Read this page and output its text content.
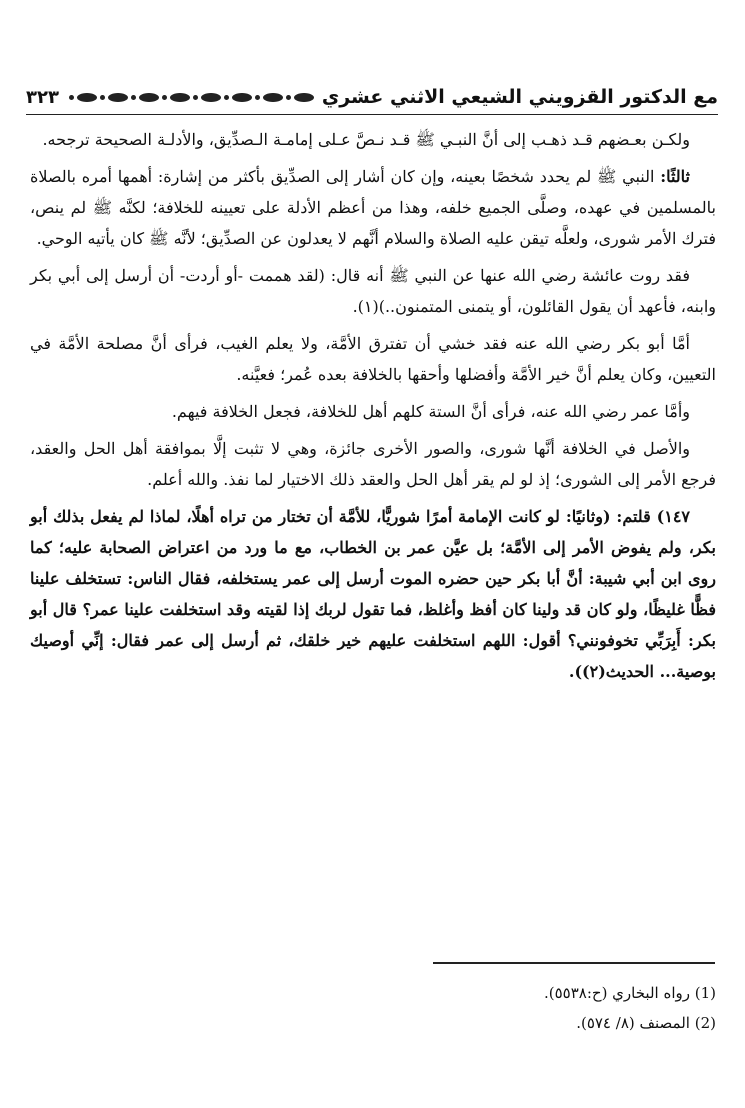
مع الدكتور القزويني الشيعي الاثني عشري
٣٢٣

ولكـن بعـضهم قـد ذهـب إلى أنَّ النبـي ﷺ قـد نـصَّ عـلى إمامـة الـصدِّيق، والأدلـة الصحيحة ترجحه.

ثالثًا: النبي ﷺ لم يحدد شخصًا بعينه، وإن كان أشار إلى الصدِّيق بأكثر من إشارة: أهمها أمره بالصلاة بالمسلمين في عهده، وصلَّى الجميع خلفه، وهذا من أعظم الأدلة على تعيينه للخلافة؛ لكنَّه ﷺ لم ينص، فترك الأمر شورى، ولعلَّه تيقن عليه الصلاة والسلام أنَّهم لا يعدلون عن الصدِّيق؛ لأنَّه ﷺ كان يأتيه الوحي.

فقد روت عائشة رضي الله عنها عن النبي ﷺ أنه قال: (لقد هممت -أو أردت- أن أرسل إلى أبي بكر وابنه، فأعهد أن يقول القائلون، أو يتمنى المتمنون..)(١).

أمَّا أبو بكر رضي الله عنه فقد خشي أن تفترق الأمَّة، ولا يعلم الغيب، فرأى أنَّ مصلحة الأمَّة في التعيين، وكان يعلم أنَّ خير الأمَّة وأفضلها وأحقها بالخلافة بعده عُمر؛ فعيَّنه.

وأمَّا عمر رضي الله عنه، فرأى أنَّ الستة كلهم أهل للخلافة، فجعل الخلافة فيهم.

والأصل في الخلافة أنَّها شورى، والصور الأخرى جائزة، وهي لا تثبت إلَّا بموافقة أهل الحل والعقد، فرجع الأمر إلى الشورى؛ إذ لو لم يقر أهل الحل والعقد ذلك الاختيار لما نفذ. والله أعلم.

١٤٧) قلتم: (وثانيًا: لو كانت الإمامة أمرًا شوريًّا، للأمَّة أن تختار من تراه أهلًا، لماذا لم يفعل بذلك أبو بكر، ولم يفوض الأمر إلى الأمَّة؛ بل عيَّن عمر بن الخطاب، مع ما ورد من اعتراض الصحابة عليه؛ كما روى ابن أبي شيبة: أنَّ أبا بكر حين حضره الموت أرسل إلى عمر يستخلفه، فقال الناس: تستخلف علينا فظًّا غليظًا، ولو كان قد ولينا كان أفظ وأغلظ، فما تقول لربك إذا لقيته وقد استخلفت علينا عمر؟ قال أبو بكر: أَبِرَبِّي تخوفونني؟ أقول: اللهم استخلفت عليهم خير خلقك، ثم أرسل إلى عمر فقال: إنِّي أوصيك بوصية... الحديث(٢)).

(1) رواه البخاري (ح:٥٥٣٨).
(2) المصنف (٨/ ٥٧٤).
